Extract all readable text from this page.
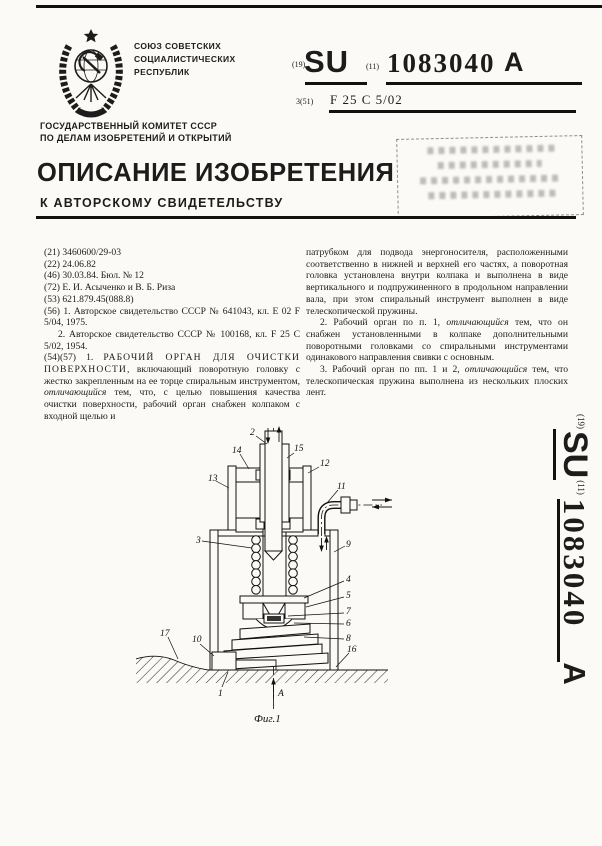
СОЮЗ СОВЕТСКИХ
СОЦИАЛИСТИЧЕСКИХ
РЕСПУБЛИК
(19)
SU (11) 1083040 A
3(51) F 25 C 5/02
ГОСУДАРСТВЕННЫЙ КОМИТЕТ СССР
ПО ДЕЛАМ ИЗОБРЕТЕНИЙ И ОТКРЫТИЙ
ОПИСАНИЕ ИЗОБРЕТЕНИЯ
К АВТОРСКОМУ СВИДЕТЕЛЬСТВУ

(21) 3460600/29-03

(22) 24.06.82

(46) 30.03.84. Бюл. № 12

(72) Е. И. Асыченко и В. Б. Риза

(53) 621.879.45(088.8)

(56) 1. Авторское свидетельство СССР № 641043, кл. Е 02 F 5/04, 1975.

2. Авторское свидетельство СССР № 100168, кл. F 25 C 5/02, 1954.

(54)(57) 1. РАБОЧИЙ ОРГАН ДЛЯ ОЧИСТКИ ПОВЕРХНОСТИ, включающий поворотную головку с жестко закрепленным на ее торце спиральным инструментом, отличающийся тем, что, с целью повышения качества очистки поверхности, рабочий орган снабжен колпаком с входной щелью и

патрубком для подвода энергоносителя, расположенными соответственно в нижней и верхней его частях, а поворотная головка установлена внутри колпака и выполнена в виде вертикального и подпружиненного в продольном направлении вала, при этом спиральный инструмент выполнен в виде телескопической пружины.

2. Рабочий орган по п. 1, отличающийся тем, что он снабжен установленными в колпаке дополнительными поворотными головками со спиральными инструментами одинакового направления свивки с основным.

3. Рабочий орган по пп. 1 и 2, отличающийся тем, что телескопическая пружина выполнена из нескольких плоских лент.

А
2
14	15
12
13
11
3	9
4
5
7
6
8
16
17
10
1
Фиг.1
$^{(19)}$SU$^{(11)}$ 1083040A
